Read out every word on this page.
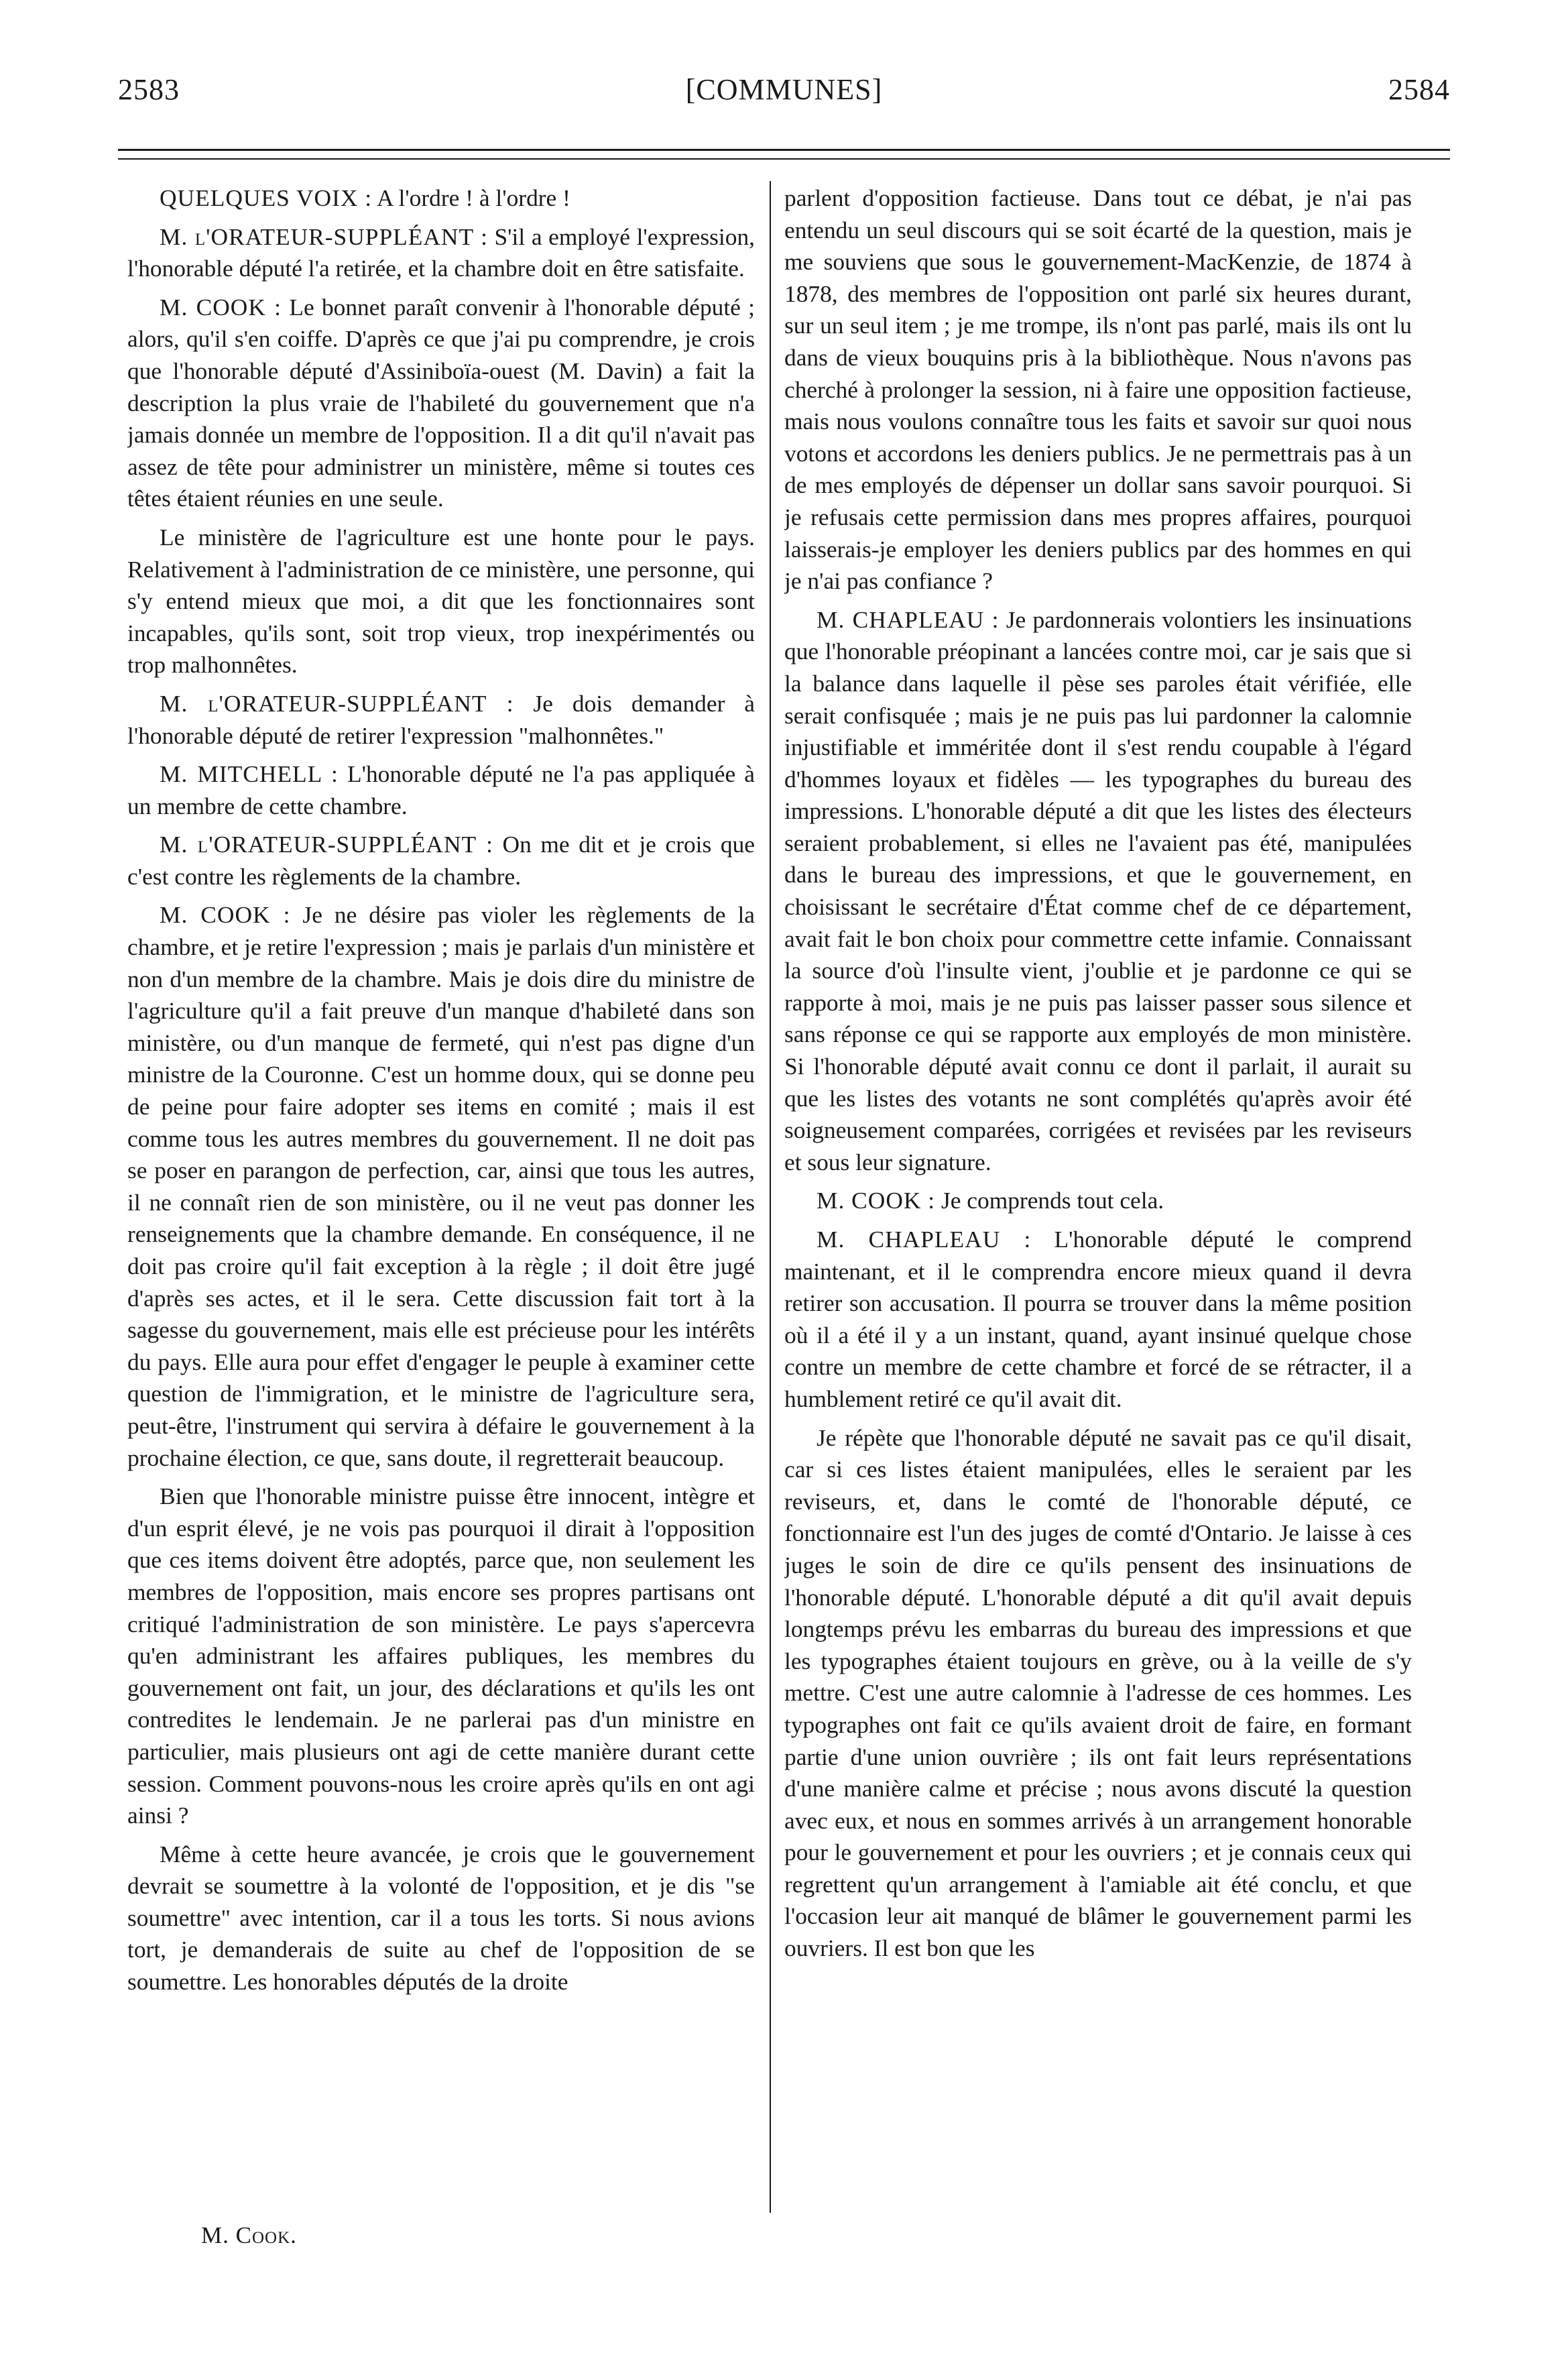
2583	[COMMUNES]	2584

QUELQUES VOIX : A l'ordre ! à l'ordre !

M. l'ORATEUR-SUPPLÉANT : S'il a employé l'expression, l'honorable député l'a retirée, et la chambre doit en être satisfaite.

M. COOK : Le bonnet paraît convenir à l'honorable député ; alors, qu'il s'en coiffe. D'après ce que j'ai pu comprendre, je crois que l'honorable député d'Assiniboïa-ouest (M. Davin) a fait la description la plus vraie de l'habileté du gouvernement que n'a jamais donnée un membre de l'opposition. Il a dit qu'il n'avait pas assez de tête pour administrer un ministère, même si toutes ces têtes étaient réunies en une seule.

Le ministère de l'agriculture est une honte pour le pays. Relativement à l'administration de ce ministère, une personne, qui s'y entend mieux que moi, a dit que les fonctionnaires sont incapables, qu'ils sont, soit trop vieux, trop inexpérimentés ou trop malhonnêtes.

M. l'ORATEUR-SUPPLÉANT : Je dois demander à l'honorable député de retirer l'expression "malhonnêtes."

M. MITCHELL : L'honorable député ne l'a pas appliquée à un membre de cette chambre.

M. l'ORATEUR-SUPPLÉANT : On me dit et je crois que c'est contre les règlements de la chambre.

M. COOK : Je ne désire pas violer les règlements de la chambre, et je retire l'expression ; mais je parlais d'un ministère et non d'un membre de la chambre. Mais je dois dire du ministre de l'agriculture qu'il a fait preuve d'un manque d'habileté dans son ministère, ou d'un manque de fermeté, qui n'est pas digne d'un ministre de la Couronne. C'est un homme doux, qui se donne peu de peine pour faire adopter ses items en comité ; mais il est comme tous les autres membres du gouvernement. Il ne doit pas se poser en parangon de perfection, car, ainsi que tous les autres, il ne connaît rien de son ministère, ou il ne veut pas donner les renseignements que la chambre demande. En conséquence, il ne doit pas croire qu'il fait exception à la règle ; il doit être jugé d'après ses actes, et il le sera. Cette discussion fait tort à la sagesse du gouvernement, mais elle est précieuse pour les intérêts du pays. Elle aura pour effet d'engager le peuple à examiner cette question de l'immigration, et le ministre de l'agriculture sera, peut-être, l'instrument qui servira à défaire le gouvernement à la prochaine élection, ce que, sans doute, il regretterait beaucoup.

Bien que l'honorable ministre puisse être innocent, intègre et d'un esprit élevé, je ne vois pas pourquoi il dirait à l'opposition que ces items doivent être adoptés, parce que, non seulement les membres de l'opposition, mais encore ses propres partisans ont critiqué l'administration de son ministère. Le pays s'apercevra qu'en administrant les affaires publiques, les membres du gouvernement ont fait, un jour, des déclarations et qu'ils les ont contredites le lendemain. Je ne parlerai pas d'un ministre en particulier, mais plusieurs ont agi de cette manière durant cette session. Comment pouvons-nous les croire après qu'ils en ont agi ainsi ?

Même à cette heure avancée, je crois que le gouvernement devrait se soumettre à la volonté de l'opposition, et je dis "se soumettre" avec intention, car il a tous les torts. Si nous avions tort, je demanderais de suite au chef de l'opposition de se soumettre. Les honorables députés de la droite

parlent d'opposition factieuse. Dans tout ce débat, je n'ai pas entendu un seul discours qui se soit écarté de la question, mais je me souviens que sous le gouvernement-MacKenzie, de 1874 à 1878, des membres de l'opposition ont parlé six heures durant, sur un seul item ; je me trompe, ils n'ont pas parlé, mais ils ont lu dans de vieux bouquins pris à la bibliothèque. Nous n'avons pas cherché à prolonger la session, ni à faire une opposition factieuse, mais nous voulons connaître tous les faits et savoir sur quoi nous votons et accordons les deniers publics. Je ne permettrais pas à un de mes employés de dépenser un dollar sans savoir pourquoi. Si je refusais cette permission dans mes propres affaires, pourquoi laisserais-je employer les deniers publics par des hommes en qui je n'ai pas confiance ?

M. CHAPLEAU : Je pardonnerais volontiers les insinuations que l'honorable préopinant a lancées contre moi, car je sais que si la balance dans laquelle il pèse ses paroles était vérifiée, elle serait confisquée ; mais je ne puis pas lui pardonner la calomnie injustifiable et imméritée dont il s'est rendu coupable à l'égard d'hommes loyaux et fidèles — les typographes du bureau des impressions. L'honorable député a dit que les listes des électeurs seraient probablement, si elles ne l'avaient pas été, manipulées dans le bureau des impressions, et que le gouvernement, en choisissant le secrétaire d'État comme chef de ce département, avait fait le bon choix pour commettre cette infamie. Connaissant la source d'où l'insulte vient, j'oublie et je pardonne ce qui se rapporte à moi, mais je ne puis pas laisser passer sous silence et sans réponse ce qui se rapporte aux employés de mon ministère. Si l'honorable député avait connu ce dont il parlait, il aurait su que les listes des votants ne sont complétés qu'après avoir été soigneusement comparées, corrigées et revisées par les reviseurs et sous leur signature.

M. COOK : Je comprends tout cela.

M. CHAPLEAU : L'honorable député le comprend maintenant, et il le comprendra encore mieux quand il devra retirer son accusation. Il pourra se trouver dans la même position où il a été il y a un instant, quand, ayant insinué quelque chose contre un membre de cette chambre et forcé de se rétracter, il a humblement retiré ce qu'il avait dit.

Je répète que l'honorable député ne savait pas ce qu'il disait, car si ces listes étaient manipulées, elles le seraient par les reviseurs, et, dans le comté de l'honorable député, ce fonctionnaire est l'un des juges de comté d'Ontario. Je laisse à ces juges le soin de dire ce qu'ils pensent des insinuations de l'honorable député. L'honorable député a dit qu'il avait depuis longtemps prévu les embarras du bureau des impressions et que les typographes étaient toujours en grève, ou à la veille de s'y mettre. C'est une autre calomnie à l'adresse de ces hommes. Les typographes ont fait ce qu'ils avaient droit de faire, en formant partie d'une union ouvrière ; ils ont fait leurs représentations d'une manière calme et précise ; nous avons discuté la question avec eux, et nous en sommes arrivés à un arrangement honorable pour le gouvernement et pour les ouvriers ; et je connais ceux qui regrettent qu'un arrangement à l'amiable ait été conclu, et que l'occasion leur ait manqué de blâmer le gouvernement parmi les ouvriers. Il est bon que les

M. Cook.
